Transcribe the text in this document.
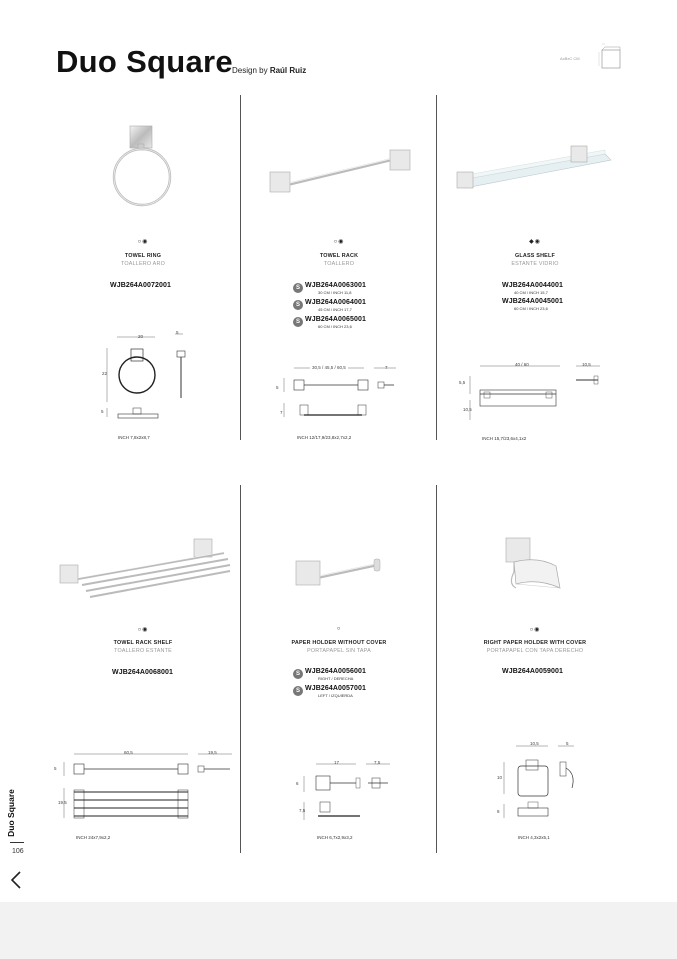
Duo Square Design by Raúl Ruiz
AxBxC CM
○◉
TOWEL RING
TOALLERO ARO
WJB264A0072001
20
5
22
5
INCH 7,8x2x8,7
○◉
TOWEL RACK
TOALLERO
S WJB264A0063001
30 CM / INCH 11,8
S WJB264A0064001
45 CM / INCH 17,7
S WJB264A0065001
60 CM / INCH 23,6
30,5 / 45,5 / 60,5	7
5
7
INCH 12/17,9/23,8x2,7x2,2
◆◉
GLASS SHELF
ESTANTE VIDRIO
WJB264A0044001
40 CM / INCH 15,7
WJB264A0045001
60 CM / INCH 23,6
40 / 60	10,5
5,5
10,5
INCH 15,7/23,6x4,1x2
○◉
TOWEL RACK SHELF
TOALLERO ESTANTE
WJB264A0068001
60,5	19,5
5
19,5
INCH 24x7,9x2,2
○
PAPER HOLDER WITHOUT COVER
PORTAPAPEL SIN TAPA
S WJB264A0056001
RIGHT / DERECHA
S WJB264A0057001
LEFT / IZQUIERDA
17	7,5
6
7,5
INCH 6,7x2,9x3,2
○◉
RIGHT PAPER HOLDER WITH COVER
PORTAPAPEL CON TAPA DERECHO
WJB264A0059001
10,5	5
10
8
INCH 4,3x2x5,1
Duo Square
106
